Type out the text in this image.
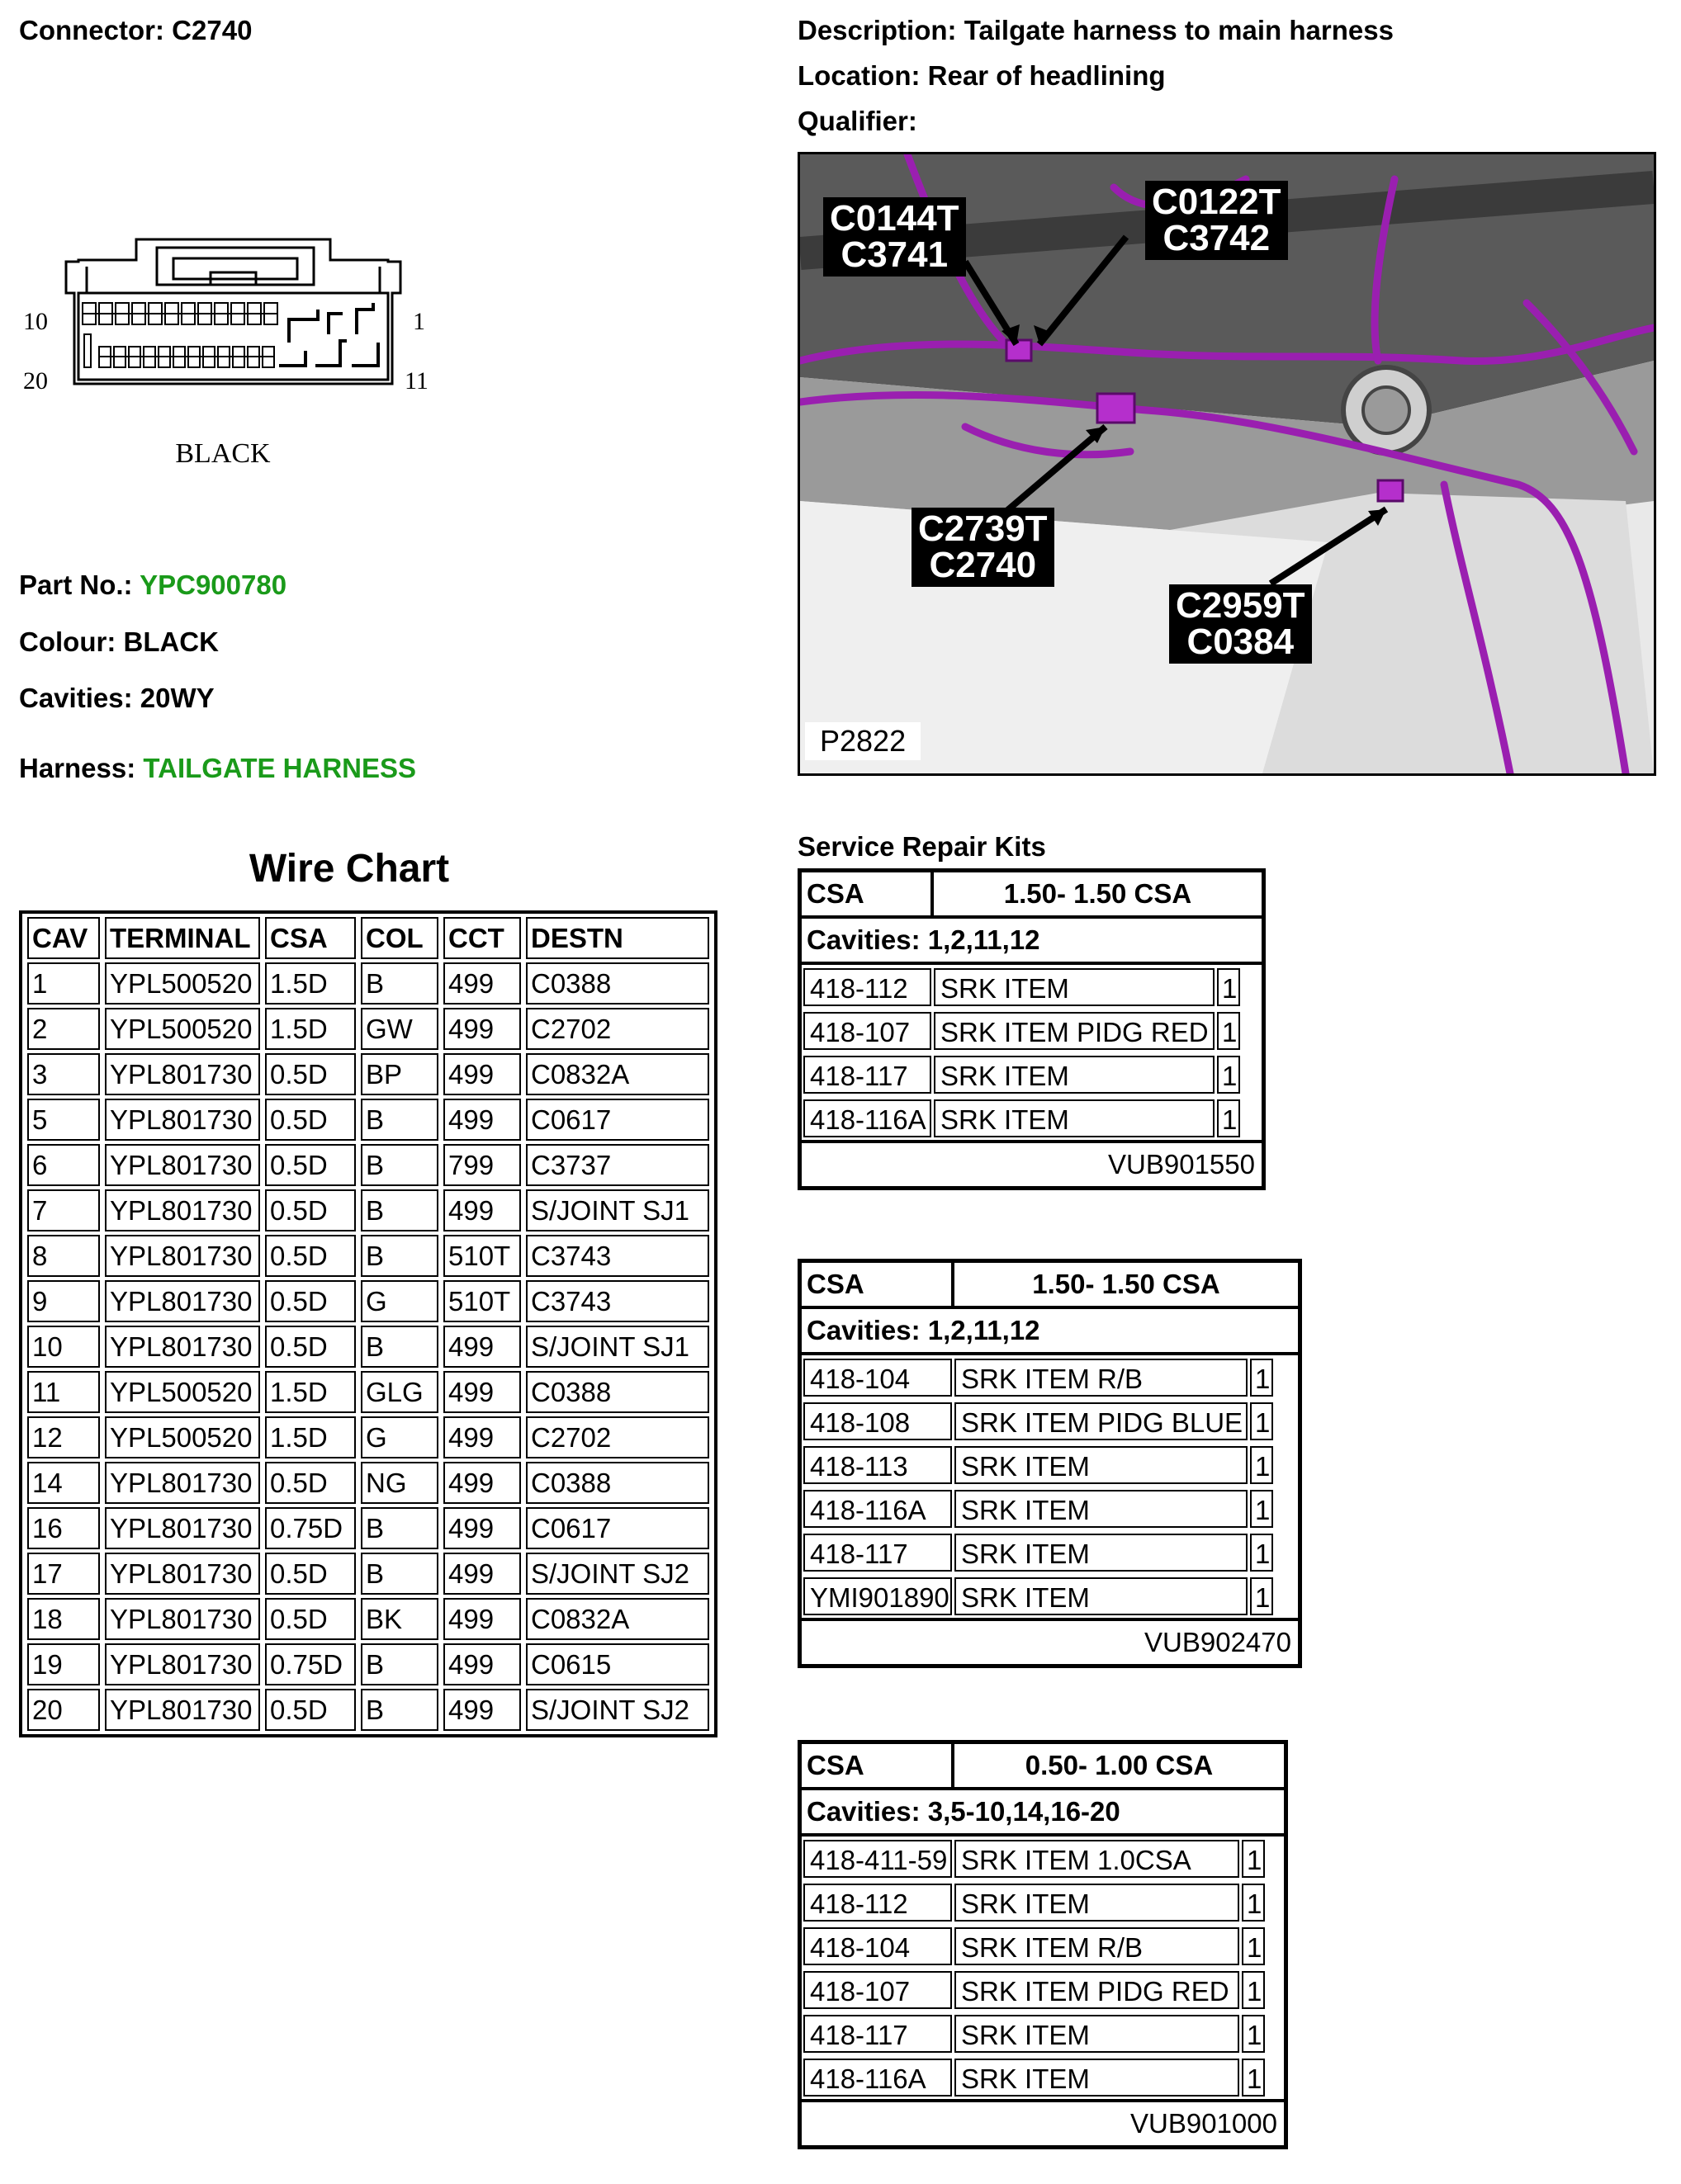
Connector: C2740	Description: Tailgate harness to main harness
Location: Rear of headlining
Qualifier:
10	1
20	11
BLACK
Part No.: YPC900780
Colour: BLACK
Cavities: 20WY
Harness: TAILGATE HARNESS
C0144T
C3741
C0122T
C3742
C2739T
C2740
C2959T
C0384
P2822
Wire Chart
CAV	TERMINAL	CSA	COL	CCT	DESTN
1	YPL500520	1.5D	B	499	C0388
2	YPL500520	1.5D	GW	499	C2702
3	YPL801730	0.5D	BP	499	C0832A
5	YPL801730	0.5D	B	499	C0617
6	YPL801730	0.5D	B	799	C3737
7	YPL801730	0.5D	B	499	S/JOINT SJ1
8	YPL801730	0.5D	B	510T	C3743
9	YPL801730	0.5D	G	510T	C3743
10	YPL801730	0.5D	B	499	S/JOINT SJ1
11	YPL500520	1.5D	GLG	499	C0388
12	YPL500520	1.5D	G	499	C2702
14	YPL801730	0.5D	NG	499	C0388
16	YPL801730	0.75D	B	499	C0617
17	YPL801730	0.5D	B	499	S/JOINT SJ2
18	YPL801730	0.5D	BK	499	C0832A
19	YPL801730	0.75D	B	499	C0615
20	YPL801730	0.5D	B	499	S/JOINT SJ2
Service Repair Kits
CSA	1.50- 1.50 CSA
Cavities: 1,2,11,12
418-112	SRK ITEM	1
418-107	SRK ITEM PIDG RED 1
418-117	SRK ITEM	1
418-116A SRK ITEM	1
VUB901550
CSA	1.50- 1.50 CSA
Cavities: 1,2,11,12
418-104	SRK ITEM R/B	1
418-108	SRK ITEM PIDG BLUE 1
418-113	SRK ITEM	1
418-116A	SRK ITEM	1
418-117	SRK ITEM	1
YMI901890 SRK ITEM	1
VUB902470
CSA	0.50- 1.00 CSA
Cavities: 3,5-10,14,16-20
418-411-59 SRK ITEM 1.0CSA	1
418-112	SRK ITEM	1
418-104	SRK ITEM R/B	1
418-107	SRK ITEM PIDG RED 1
418-117	SRK ITEM	1
418-116A	SRK ITEM	1
VUB901000
